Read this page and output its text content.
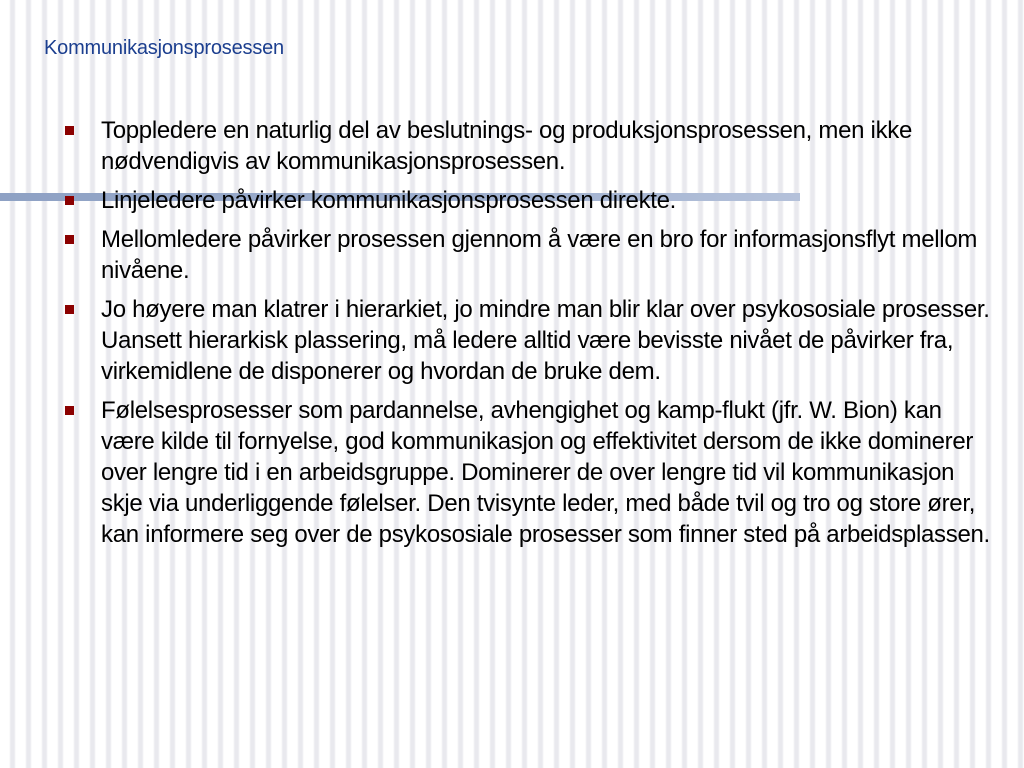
Kommunikasjonsprosessen
Toppledere en naturlig del av beslutnings- og produksjonsprosessen, men ikke nødvendigvis av kommunikasjonsprosessen.
Linjeledere påvirker kommunikasjonsprosessen direkte.
Mellomledere påvirker prosessen gjennom å være en bro for informasjonsflyt mellom nivåene.
Jo høyere man klatrer i hierarkiet, jo mindre man blir klar over psykososiale prosesser. Uansett hierarkisk plassering, må ledere alltid være bevisste nivået de påvirker fra, virkemidlene de disponerer og hvordan de bruke dem.
Følelsesprosesser som pardannelse, avhengighet og kamp-flukt (jfr. W. Bion) kan være kilde til fornyelse, god kommunikasjon og effektivitet dersom de ikke dominerer over lengre tid i en arbeidsgruppe. Dominerer de over lengre tid vil kommunikasjon skje via underliggende følelser. Den tvisynte leder, med både tvil og tro og store ører, kan informere seg over de psykososiale prosesser som finner sted på arbeidsplassen.
